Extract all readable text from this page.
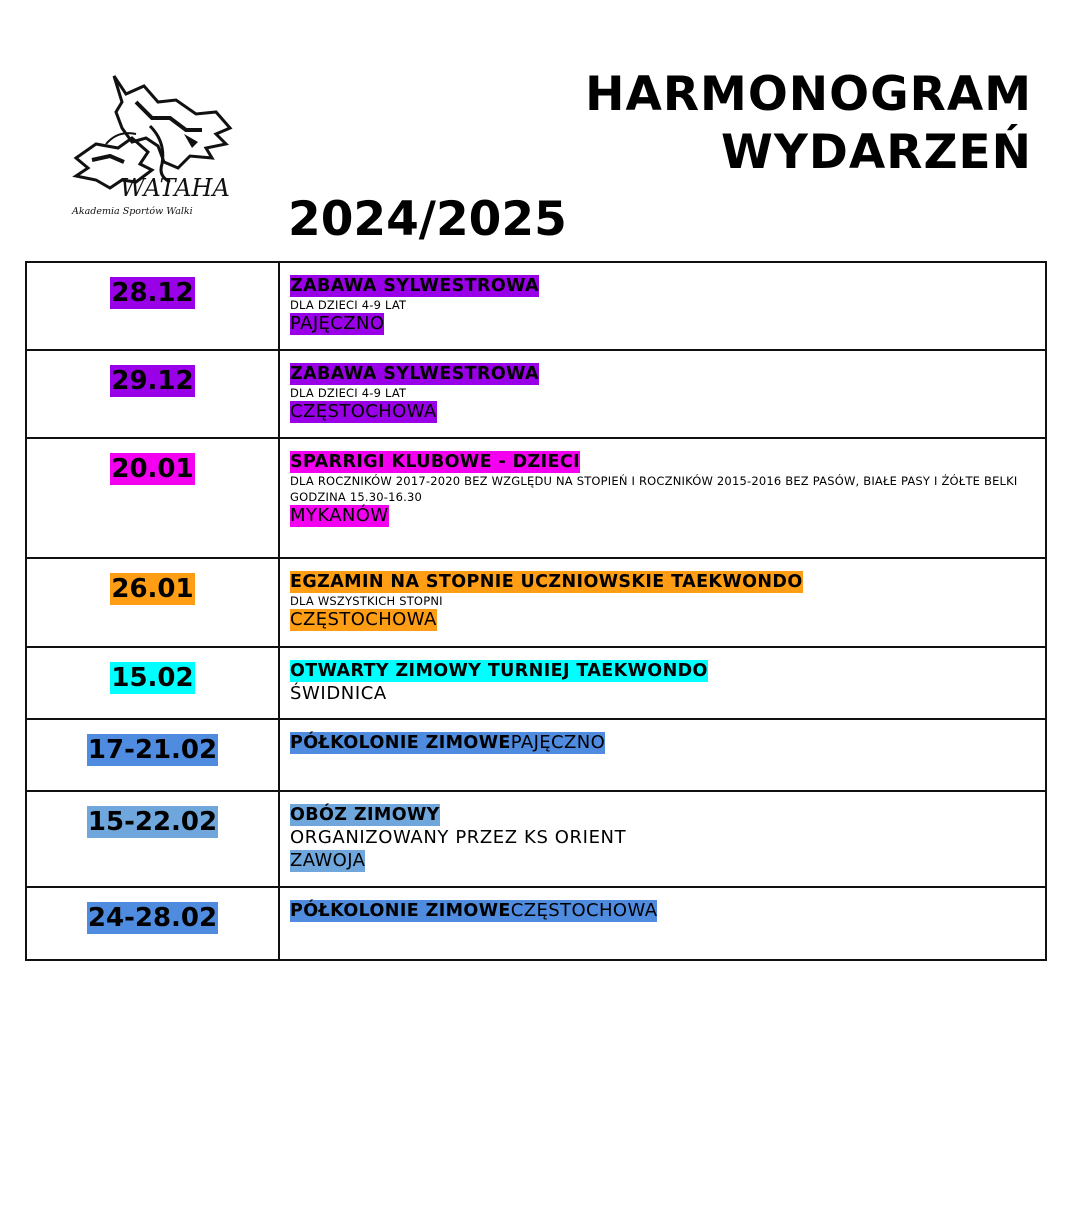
WATAHA
Akademia Sportów Walki
HARMONOGRAM
WYDARZEŃ
2024/2025
28.12	ZABAWA SYLWESTROWA
DLA DZIECI 4-9 LAT
PAJĘCZNO
29.12	ZABAWA SYLWESTROWA
DLA DZIECI 4-9 LAT
CZĘSTOCHOWA
20.01	SPARRIGI KLUBOWE - DZIECI
DLA ROCZNIKÓW 2017-2020 BEZ WZGLĘDU NA STOPIEŃ I ROCZNIKÓW 2015-2016 BEZ PASÓW, BIAŁE PASY I ŻÓŁTE BELKI
GODZINA 15.30-16.30
MYKANÓW
26.01	EGZAMIN NA STOPNIE UCZNIOWSKIE TAEKWONDO
DLA WSZYSTKICH STOPNI
CZĘSTOCHOWA
15.02	OTWARTY ZIMOWY TURNIEJ TAEKWONDO
ŚWIDNICA

17-21.02	PÓŁKOLONIE ZIMOWEPAJĘCZNO
15-22.02	OBÓZ ZIMOWY
ORGANIZOWANY PRZEZ KS ORIENT
ZAWOJA
24-28.02	PÓŁKOLONIE ZIMOWECZĘSTOCHOWA
